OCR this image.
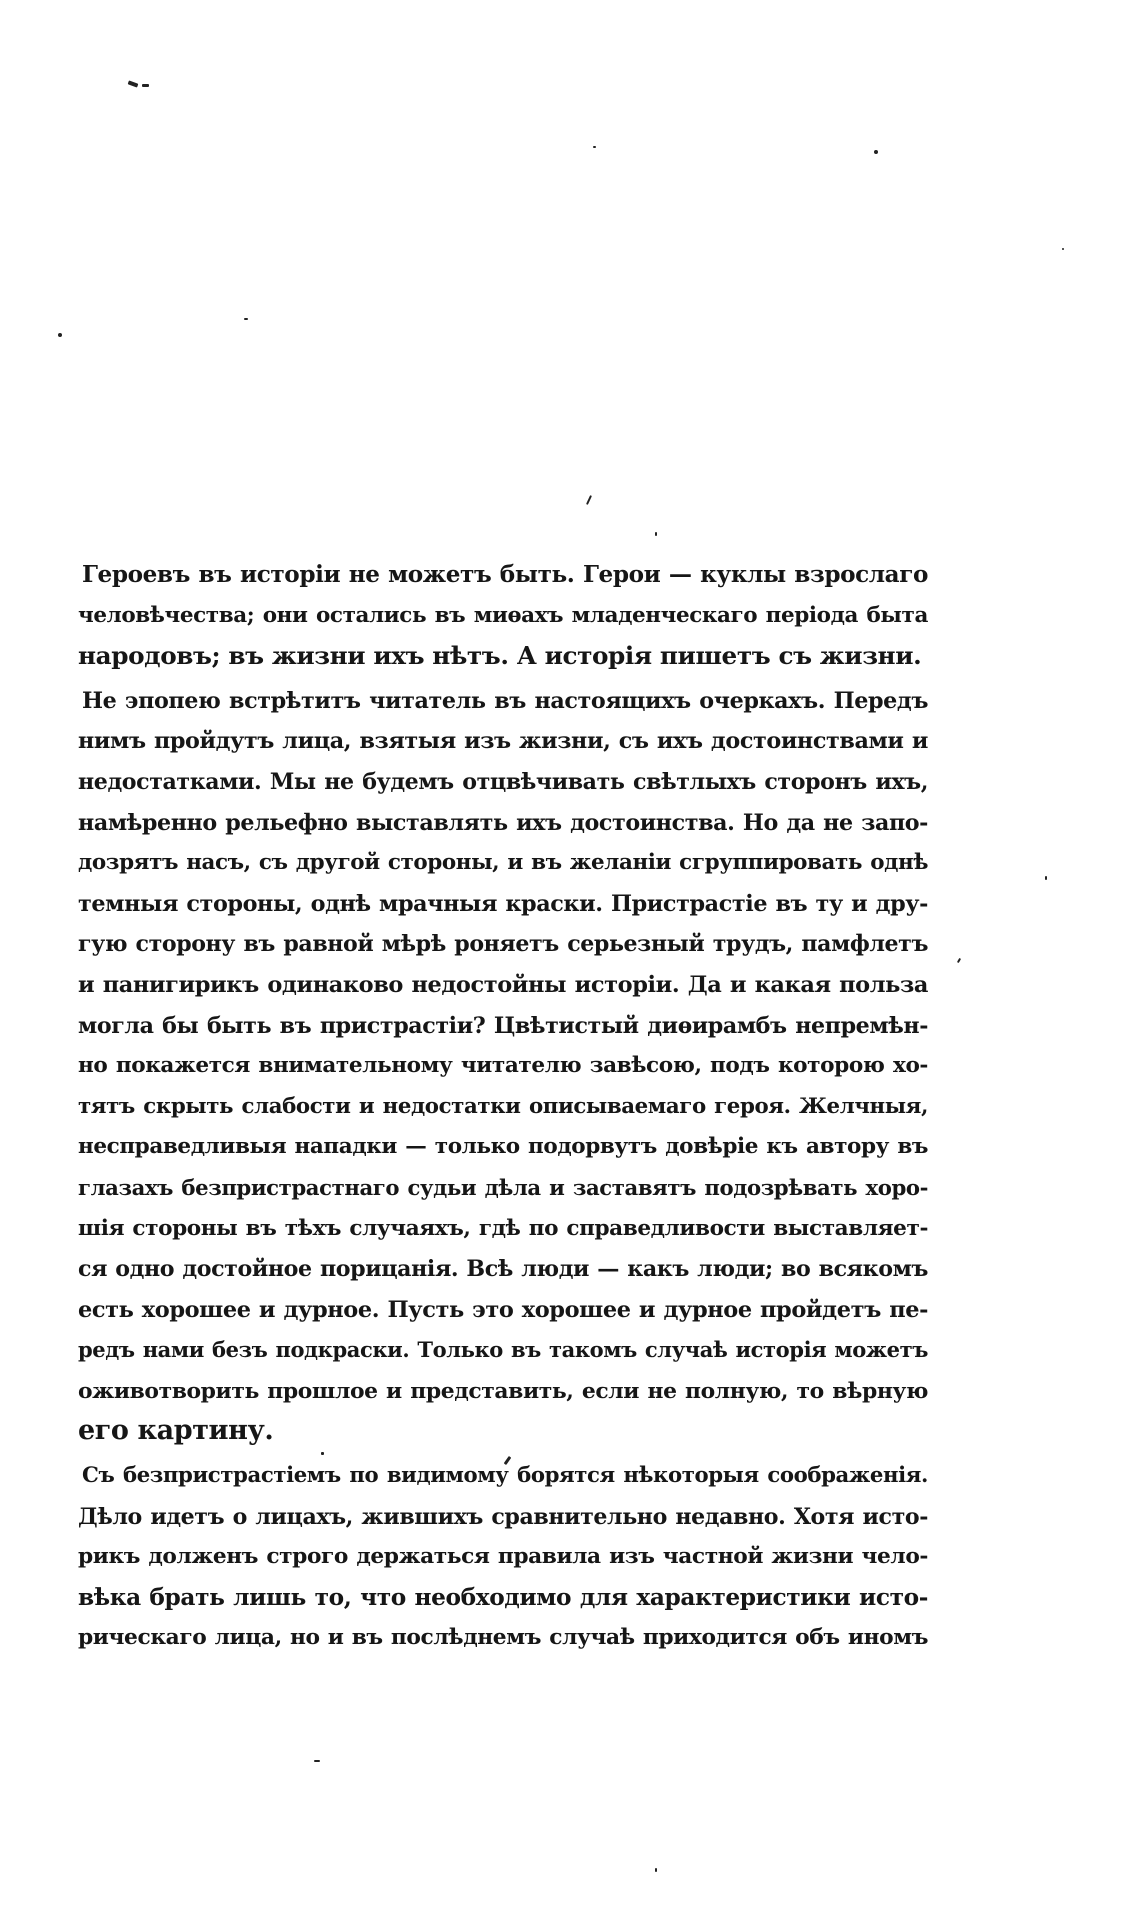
Героевъ въ исторіи не можетъ быть. Герои — куклы взрослаго
человѣчества; они остались въ миѳахъ младенческаго періода быта
народовъ; въ жизни ихъ нѣтъ. А исторія пишетъ съ жизни.
Не эпопею встрѣтитъ читатель въ настоящихъ очеркахъ. Передъ
нимъ пройдутъ лица, взятыя изъ жизни, съ ихъ достоинствами и
недостатками. Мы не будемъ отцвѣчивать свѣтлыхъ сторонъ ихъ,
намѣренно рельефно выставлять ихъ достоинства. Но да не запо-
дозрятъ насъ, съ другой стороны, и въ желаніи сгруппировать однѣ
темныя стороны, однѣ мрачныя краски. Пристрастіе въ ту и дру-
гую сторону въ равной мѣрѣ роняетъ серьезный трудъ, памфлетъ
и панигирикъ одинаково недостойны исторіи. Да и какая польза
могла бы быть въ пристрастіи? Цвѣтистый диѳирамбъ непремѣн-
но покажется внимательному читателю завѣсою, подъ которою хо-
тятъ скрыть слабости и недостатки описываемаго героя. Желчныя,
несправедливыя нападки — только подорвутъ довѣріе къ автору въ
глазахъ безпристрастнаго судьи дѣла и заставятъ подозрѣвать хоро-
шія стороны въ тѣхъ случаяхъ, гдѣ по справедливости выставляет-
ся одно достойное порицанія. Всѣ люди — какъ люди; во всякомъ
есть хорошее и дурное. Пусть это хорошее и дурное пройдетъ пе-
редъ нами безъ подкраски. Только въ такомъ случаѣ исторія можетъ
оживотворить прошлое и представить, если не полную, то вѣрную
его картину.
Съ безпристрастіемъ по видимому борятся нѣкоторыя соображенія.
Дѣло идетъ о лицахъ, жившихъ сравнительно недавно. Хотя исто-
рикъ долженъ строго держаться правила изъ частной жизни чело-
вѣка брать лишь то, что необходимо для характеристики исто-
рическаго лица, но и въ послѣднемъ случаѣ приходится объ иномъ
